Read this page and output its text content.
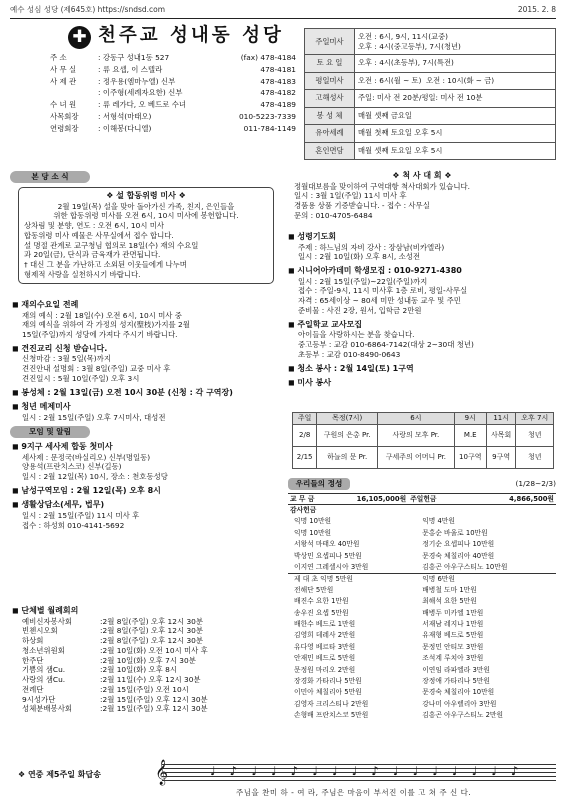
예수 성심 성당 (제645호) https://sndsd.com	2015. 2. 8
✚ 천주교 성내동 성당
주 소	: 강동구 성내1동 527	(fax) 478-4184
사 무 실	: 류 요셉, 이 스텔라	478-4181
사 제 관	: 정우용(엠마누엘) 신부	478-4183
: 이주형(세례자요한) 신부	478-4182
수 녀 원	: 류 레가다, 오 베드로 수녀	478-4189
사목회장	: 서형석(마태오)	010-5223-7339
연령회장	: 이해봉(다니엘)	011-784-1149
주일미사	오전 : 6시, 9시, 11시(교중)
오후 : 4시(중고등부), 7시(청년)
토 요 일	오후 : 4시(초등부), 7시(특전)
평일미사	오전 : 6시(월 ~ 토)  오전 : 10시(화 ~ 금)
고해성사	주일: 미사 전 20분/평일: 미사 전 10분
봉 성 체	매월 셋째 금요일
유아세례	매월 첫째 토요일 오후 5시
혼인면담	매월 셋째 토요일 오후 5시
본 당 소 식
❖ 설 합동위령 미사 ❖
2월 19일(목) 설을 맞아 돌아가신 가족, 친지, 은인들을
위한 합동위령 미사를 오전 6시, 10시 미사에 봉헌합니다.
상차림 및 분향, 연도 : 오전 6시, 10시 미사
합동위령 미사 예물은 사무실에서 접수 합니다.
설 명절 관계로 교구청님 협의로 18일(수) 재의 수요일
과 20일(금), 단식과 금육재가 관면됩니다.
† 대신 그 분을 가난하고 소외된 이웃들에게 나누며
형제적 사랑을 실천하시기 바랍니다.
◼ 재의수요일 전례
재의 예식 : 2월 18일(수) 오전 6시, 10시 미사 중
재의 예식을 위하여 각 가정의 성지(聖枝)가지를 2월
15일(주일)까지 성당에 가져다 주시기 바랍니다.
◼ 견진교리 신청 받습니다.
신청마감 : 3월 5일(목)까지
견진안내 설명회 : 3월 8일(주일) 교중 미사 후
견진일시 : 5월 10일(주일) 오후 3시
◼ 봉성체 : 2월 13일(금) 오전 10시 30분 (신청 : 각 구역장)
◼ 청년 메제미사
일시 : 2월 15일(주일) 오후 7시미사, 대성전
모임 및 알림
◼ 9지구 세사제 합동 첫미사
세사제 : 문정국(바실리오) 신부(명일동)
양용석(프란치스코) 신부(길동)
일시 : 2월 12일(목) 10시, 장소 : 천호동성당
◼ 남성구역모임 : 2월 12일(목) 오후 8시
◼ 생활상담소(세무, 법무)
일시 : 2월 15일(주일) 11시 미사 후
접수 : 하성희 010-4141-5692
◼ 단체별 월례회의
예비신자봉사회	: 2월 8일(주일) 오후 12시 30분
빈첸시오회	: 2월 8일(주일) 오후 12시 30분
하상회	: 2월 8일(주일) 오후 12시 30분
청소년위원회	: 2월 10일(화) 오전 10시 미사 후
한주단	: 2월 10일(화) 오후 7시 30분
기쁨의 샘Cu.	: 2월 10일(화) 오후 8시
사랑의 샘Cu.	: 2월 11일(수) 오후 12시 30분
전례단	: 2월 15일(주일) 오전 10시
9시성가단	: 2월 15일(주일) 오후 12시 30분
성체분배봉사회	: 2월 15일(주일) 오후 12시 30분
❖ 척 사 대 회 ❖
정월대보름을 맞이하여 구역대항 척사대회가 있습니다.
일시 : 3월 1일(주일) 11시 미사 후
경품용 상품 기증받습니다. - 접수 : 사무실
문의 : 010-4705-6484
◼ 성령기도회
주제 : 하느님의 자비 강사 : 장삼남(비카엘라)
일시 : 2월 10일(화) 오후 8시, 소성전
◼ 시니어아카데미 학생모집 : 010-9271-4380
일시 : 2월 15일(주일)~22일(주일)까지
접수 : 주일-9시, 11시 미사후 1층 로비, 평일-사무실
자격 : 65세이상 ~ 80세 미만 성내동 교우 및 주민
준비물 : 사진 2장, 원서, 입학금 2만원
◼ 주일학교 교사모집
아이들을 사랑하시는 분을 찾습니다.
중고등부 : 교감 010-6864-7142(대상 2~30대 청년)
초등부 : 교감 010-8490-0643
◼ 청소 봉사 : 2월 14일(토) 1구역
◼ 미사 봉사
주일	목정(7시)	6시	9시	11시	오후 7시
2/8	구원의 은총 Pr.	사랑의 모후 Pr.	M.E	사목회	청년
2/15	하늘의 문 Pr.	구세주의 어머니 Pr.	10구역	9구역	청년
우리들의 정성	(1/28~2/3)
교 무 금	16,105,000원	주일헌금	4,866,500원
감사헌금			
익명 10만원		익명 4만원	
익명 10만원		문홍순 바울로 10만원	
서왕석 마태오 40만원		정기순 요셉피나 10만원	
박상민 요셉피나 5만원		문경숙 체칠리아 40만원	
이지연 그레셀시아 3만원		김흥곤 아우구스티노 10만원	
제 대 초 익명 5만원		익명 6만원	
전해단 5만원		배병철 도마 1만원	
배진수 요한 1만원		최해석 요한 5만원	
송우진 요셉 5만원		배병두 미카엘 1만원	
배한수 베드로 1만원		서재남 레지나 1만원	
김영희 데레사 2만원		유재형 베드로 5만원	
유다영 베르타 3만원		문정민 안티모 3만원	
안재민 베드로 5만원		조석계 루치아 3만원	
문정원 마리오 2만원		이연임 라파엘라 3만원	
장경화 가타리나 5만원		장정애 가타리나 5만원	
이민아 체칠리아 5만원		문경숙 체칠리아 10만원	
김영자 크리스티나 2만원		강나미 아우렐리아 3만원	
손형배 프란치스코 5만원		김흥곤 아우구스티노 2만원	
❖ 연중 제5주일 화답송 𝄞	♩♪♩♩♪♩♩♩♪♩♩♩♩♩♩♪
주님을 찬미 하 - 여 라, 주님은 마음이 부서진 이를 고 쳐 주 신 다.
